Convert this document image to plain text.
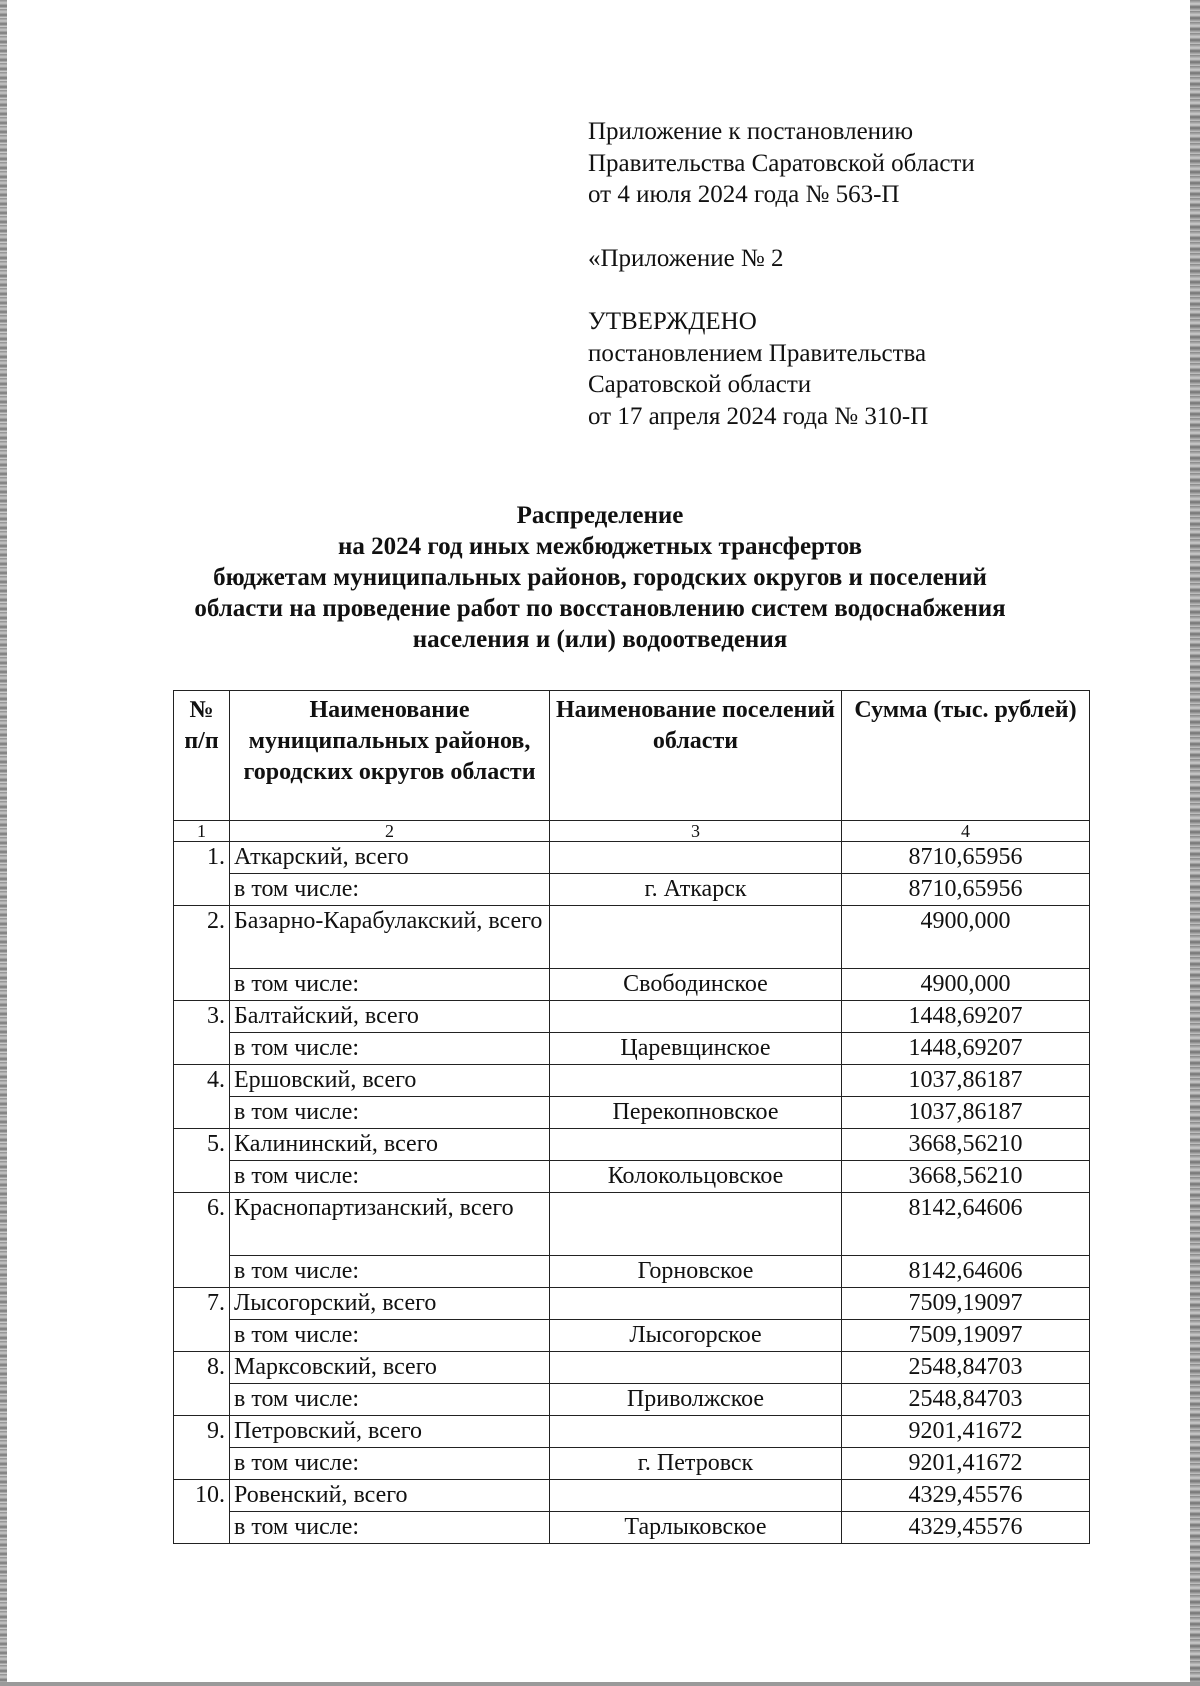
Приложение к постановлению
Правительства Саратовской области
от 4 июля 2024 года № 563-П
«Приложение № 2
УТВЕРЖДЕНО
постановлением Правительства
Саратовской области
от 17 апреля 2024 года № 310-П
Распределение
на 2024 год иных межбюджетных трансфертов
бюджетам муниципальных районов, городских округов и поселений
области на проведение работ по восстановлению систем водоснабжения
населения и (или) водоотведения
№ п/п	Наименование муниципальных районов, городских округов области	Наименование поселений области	Сумма (тыс. рублей)
1	2	3	4
1.	Аткарский, всего		8710,65956
	в том числе:	г. Аткарск	8710,65956
2.	Базарно-Карабулакский, всего		4900,000
	в том числе:	Свободинское	4900,000
3.	Балтайский, всего		1448,69207
	в том числе:	Царевщинское	1448,69207
4.	Ершовский, всего		1037,86187
	в том числе:	Перекопновское	1037,86187
5.	Калининский, всего		3668,56210
	в том числе:	Колокольцовское	3668,56210
6.	Краснопартизанский, всего		8142,64606
	в том числе:	Горновское	8142,64606
7.	Лысогорский, всего		7509,19097
	в том числе:	Лысогорское	7509,19097
8.	Марксовский, всего		2548,84703
	в том числе:	Приволжское	2548,84703
9.	Петровский, всего		9201,41672
	в том числе:	г. Петровск	9201,41672
10.	Ровенский, всего		4329,45576
	в том числе:	Тарлыковское	4329,45576
